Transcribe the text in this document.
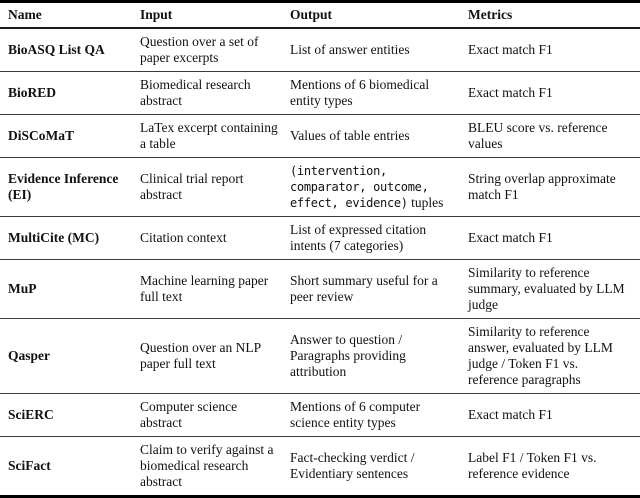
Name	Input	Output	Metrics
BioASQ List QA	Question over a set of paper excerpts	List of answer entities	Exact match F1
BioRED	Biomedical research abstract	Mentions of 6 biomedical entity types	Exact match F1
DiSCoMaT	LaTex excerpt containing a table	Values of table entries	BLEU score vs. reference values
Evidence Inference (EI)	Clinical trial report abstract	(intervention, comparator, outcome, effect, evidence) tuples	String overlap approximate match F1
MultiCite (MC)	Citation context	List of expressed citation intents (7 categories)	Exact match F1
MuP	Machine learning paper full text	Short summary useful for a peer review	Similarity to reference summary, evaluated by LLM judge
Qasper	Question over an NLP paper full text	Answer to question / Paragraphs providing attribution	Similarity to reference answer, evaluated by LLM judge / Token F1 vs. reference paragraphs
SciERC	Computer science abstract	Mentions of 6 computer science entity types	Exact match F1
SciFact	Claim to verify against a biomedical research abstract	Fact-checking verdict / Evidentiary sentences	Label F1 / Token F1 vs. reference evidence
